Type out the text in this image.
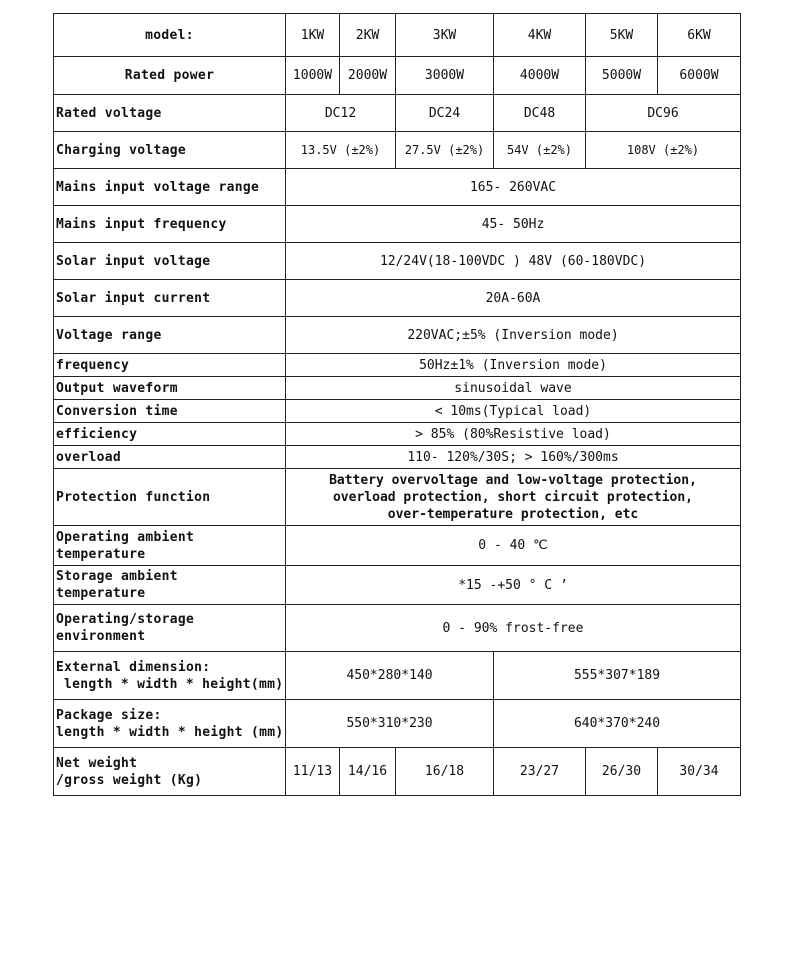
model:	1KW	2KW	3KW	4KW	5KW	6KW
Rated power	1000W	2000W	3000W	4000W	5000W	6000W
Rated voltage	DC12		DC24	DC48	DC96	
Charging voltage	13.5V (±2%)		27.5V (±2%)	54V (±2%)	108V (±2%)	
Mains input voltage range	165- 260VAC					
Mains input frequency	45- 50Hz					
Solar input voltage	12/24V(18-100VDC ) 48V (60-180VDC)					
Solar input current	20A-60A					
Voltage range	220VAC;±5% (Inversion mode)					
frequency	50Hz±1% (Inversion mode)					
Output waveform	sinusoidal wave					
Conversion time	< 10ms(Typical load)					
efficiency	> 85% (80%Resistive load)					
overload	110- 120%/30S; > 160%/300ms					
Protection function	Battery overvoltage and low-voltage protection,
overload protection, short circuit protection,
over-temperature protection, etc					

Operating ambient
temperature	0 - 40 ℃					

Storage ambient
temperature	*15 -+50 ° C ’					

Operating/storage
environment	0 - 90% frost-free					

External dimension:
length * width * height(mm)	450*280*140			555*307*189		

Package size:
length * width * height (mm)	550*310*230			640*370*240		

Net weight
/gross weight (Kg)	11/13	14/16	16/18	23/27	26/30	30/34
